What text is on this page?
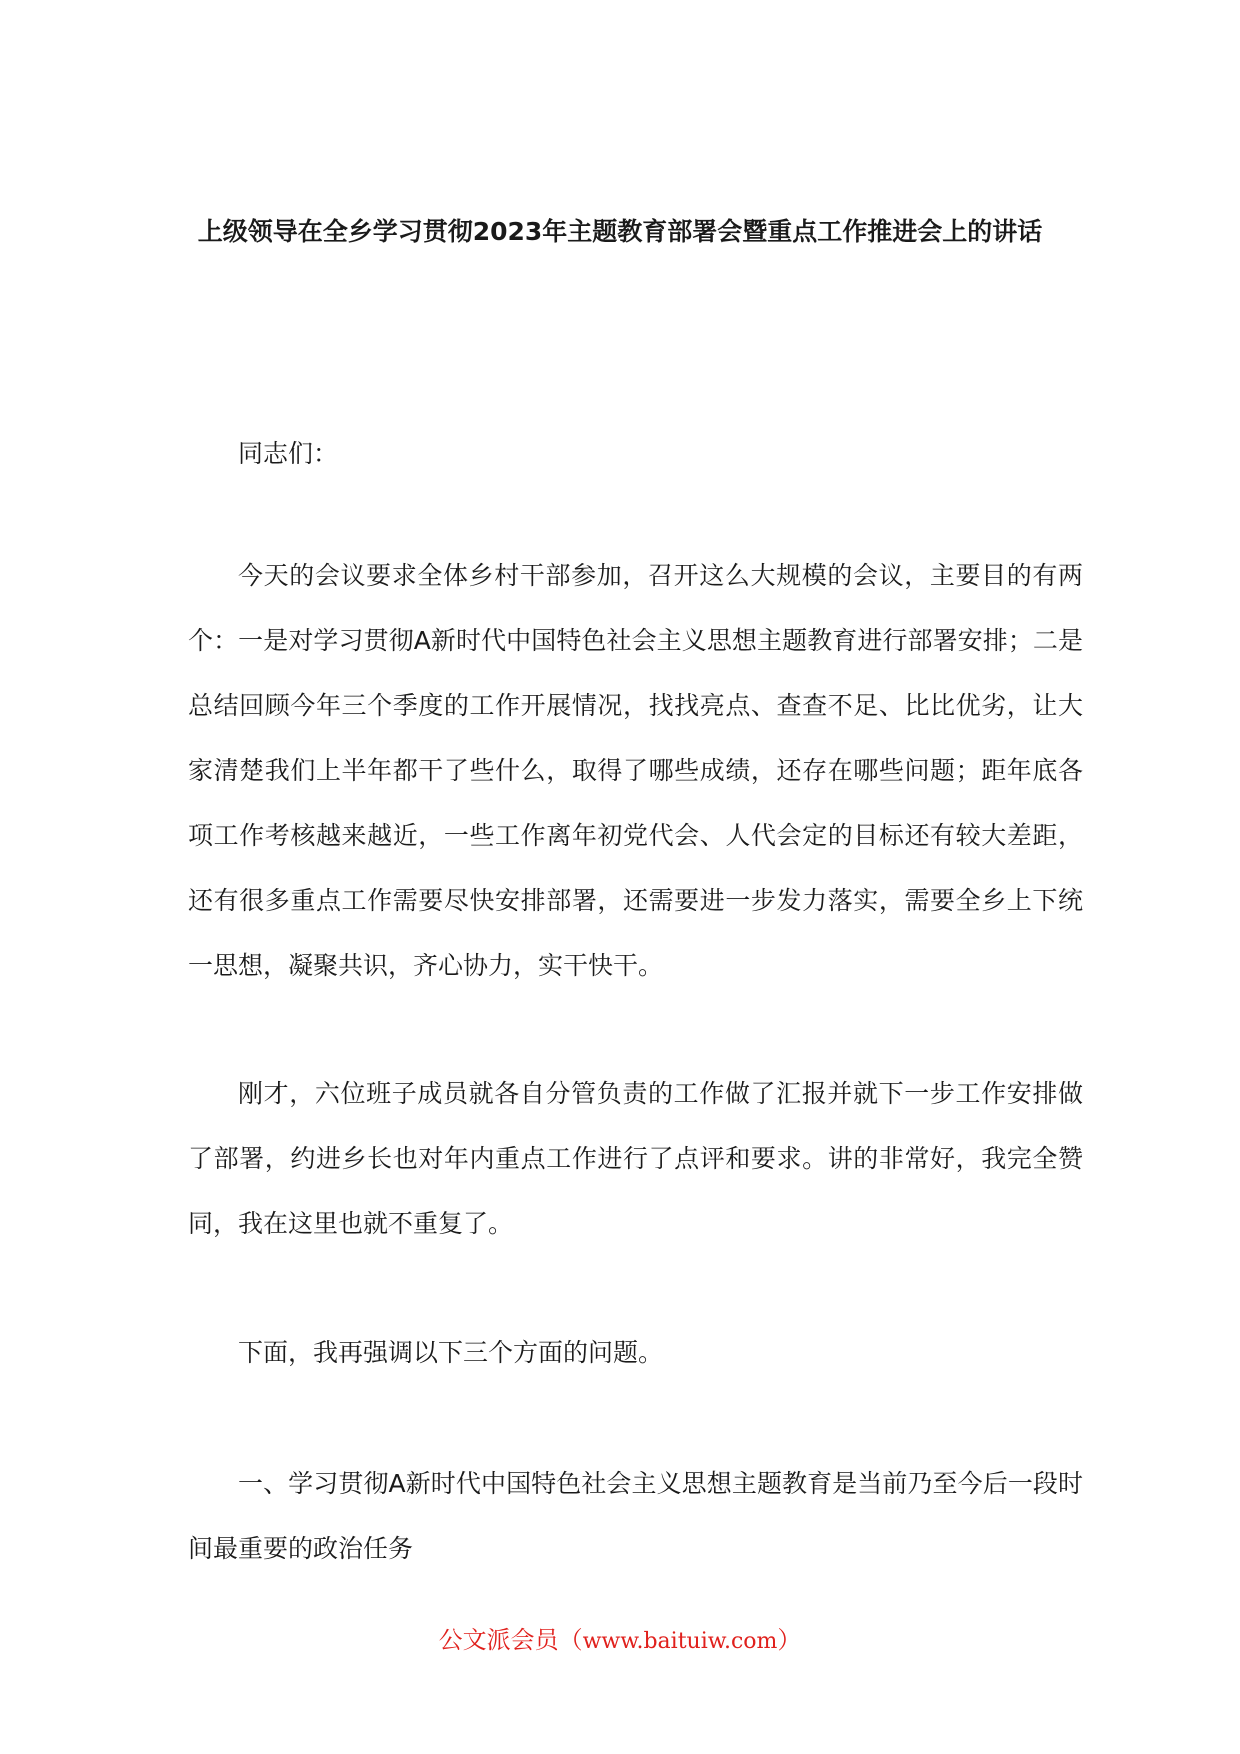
上级领导在全乡学习贯彻2023年主题教育部署会暨重点工作推进会上的讲话

同志们：

今天的会议要求全体乡村干部参加，召开这么大规模的会议，主要目的有两个：一是对学习贯彻A新时代中国特色社会主义思想主题教育进行部署安排；二是总结回顾今年三个季度的工作开展情况，找找亮点、查查不足、比比优劣，让大家清楚我们上半年都干了些什么，取得了哪些成绩，还存在哪些问题；距年底各项工作考核越来越近，一些工作离年初党代会、人代会定的目标还有较大差距，还有很多重点工作需要尽快安排部署，还需要进一步发力落实，需要全乡上下统一思想，凝聚共识，齐心协力，实干快干。

刚才，六位班子成员就各自分管负责的工作做了汇报并就下一步工作安排做了部署，约进乡长也对年内重点工作进行了点评和要求。讲的非常好，我完全赞同，我在这里也就不重复了。

下面，我再强调以下三个方面的问题。

一、学习贯彻A新时代中国特色社会主义思想主题教育是当前乃至今后一段时间最重要的政治任务

公文派会员（www.baituiw.com）
